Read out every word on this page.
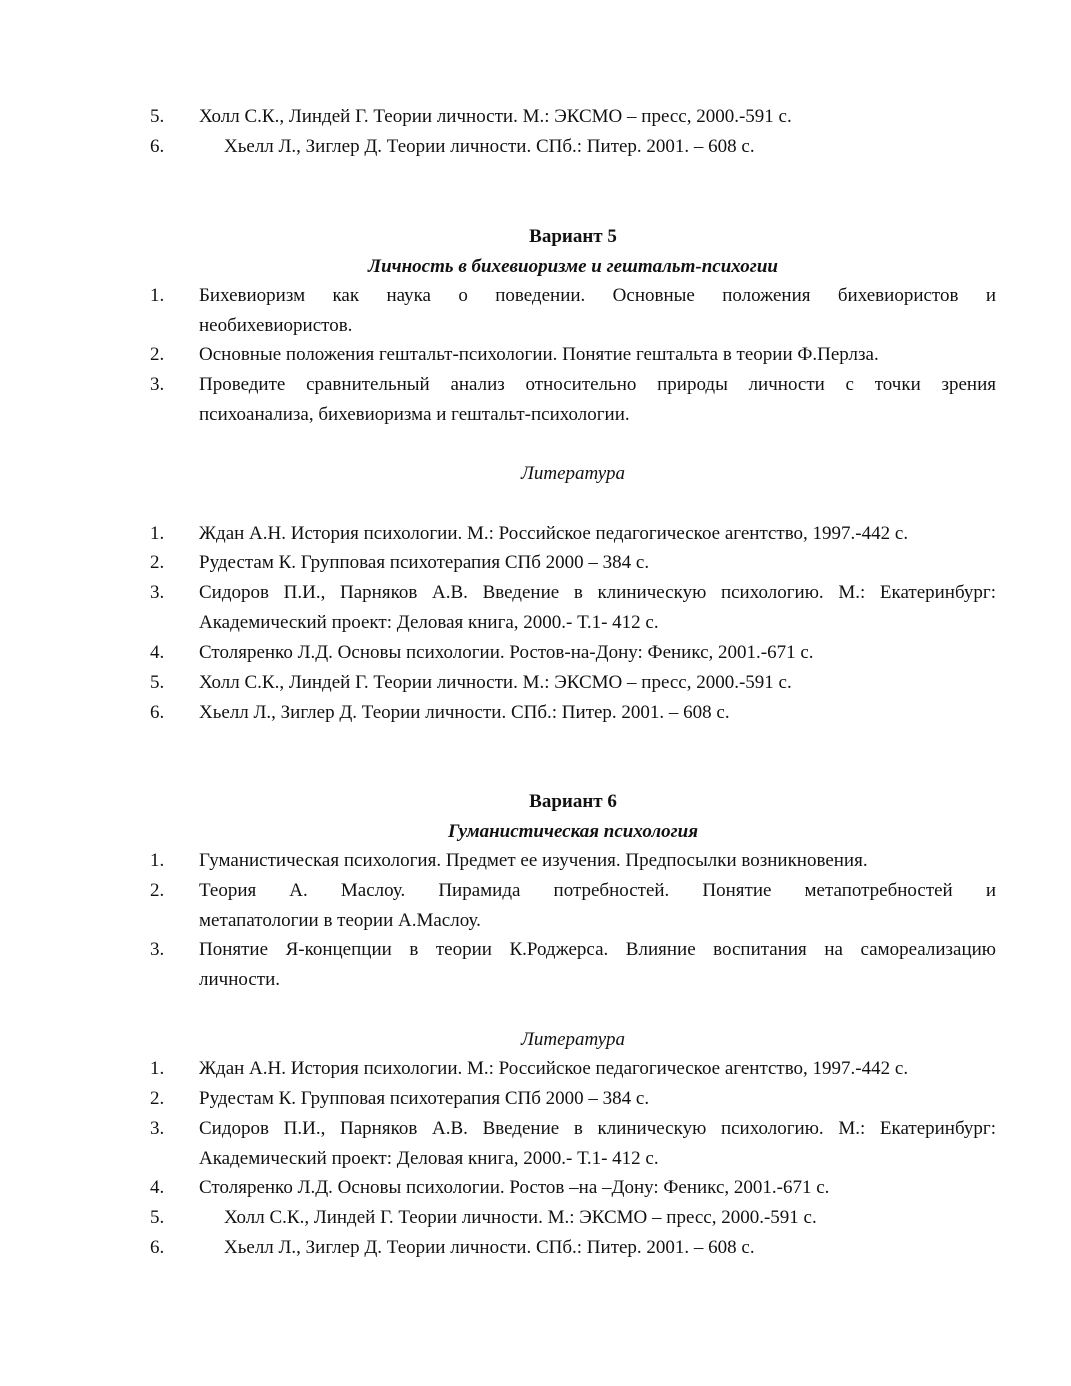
5. Холл С.К., Линдей Г. Теории личности. М.: ЭКСМО – пресс, 2000.-591 с.
6.	Хьелл Л., Зиглер Д. Теории личности. СПб.: Питер. 2001. – 608 с.
Вариант 5
Личность в бихевиоризме и гештальт-психогии
1. Бихевиоризм как наука о поведении. Основные положения бихевиористов и
необихевиористов.
2. Основные положения гештальт-психологии. Понятие гештальта в теории Ф.Перлза.
3. Проведите сравнительный анализ относительно природы личности с точки зрения
психоанализа, бихевиоризма и гештальт-психологии.
Литература
1. Ждан А.Н. История психологии. М.: Российское педагогическое агентство, 1997.-442 с.
2. Рудестам К. Групповая психотерапия СПб 2000 – 384 с.
3. Сидоров П.И., Парняков А.В. Введение в клиническую психологию. М.: Екатеринбург:
Академический проект: Деловая книга, 2000.- Т.1- 412 с.
4. Столяренко Л.Д. Основы психологии. Ростов-на-Дону: Феникс, 2001.-671 с.
5. Холл С.К., Линдей Г. Теории личности. М.: ЭКСМО – пресс, 2000.-591 с.
6. Хьелл Л., Зиглер Д. Теории личности. СПб.: Питер. 2001. – 608 с.
Вариант 6
Гуманистическая психология
1. Гуманистическая психология. Предмет ее изучения. Предпосылки возникновения.
2. Теория А. Маслоу. Пирамида потребностей. Понятие метапотребностей и
метапатологии в теории А.Маслоу.
3. Понятие Я-концепции в теории К.Роджерса. Влияние воспитания на самореализацию
личности.
Литература
1. Ждан А.Н. История психологии. М.: Российское педагогическое агентство, 1997.-442 с.
2. Рудестам К. Групповая психотерапия СПб 2000 – 384 с.
3. Сидоров П.И., Парняков А.В. Введение в клиническую психологию. М.: Екатеринбург:
Академический проект: Деловая книга, 2000.- Т.1- 412 с.
4. Столяренко Л.Д. Основы психологии. Ростов –на –Дону: Феникс, 2001.-671 с.
5.	Холл С.К., Линдей Г. Теории личности. М.: ЭКСМО – пресс, 2000.-591 с.
6.	Хьелл Л., Зиглер Д. Теории личности. СПб.: Питер. 2001. – 608 с.
